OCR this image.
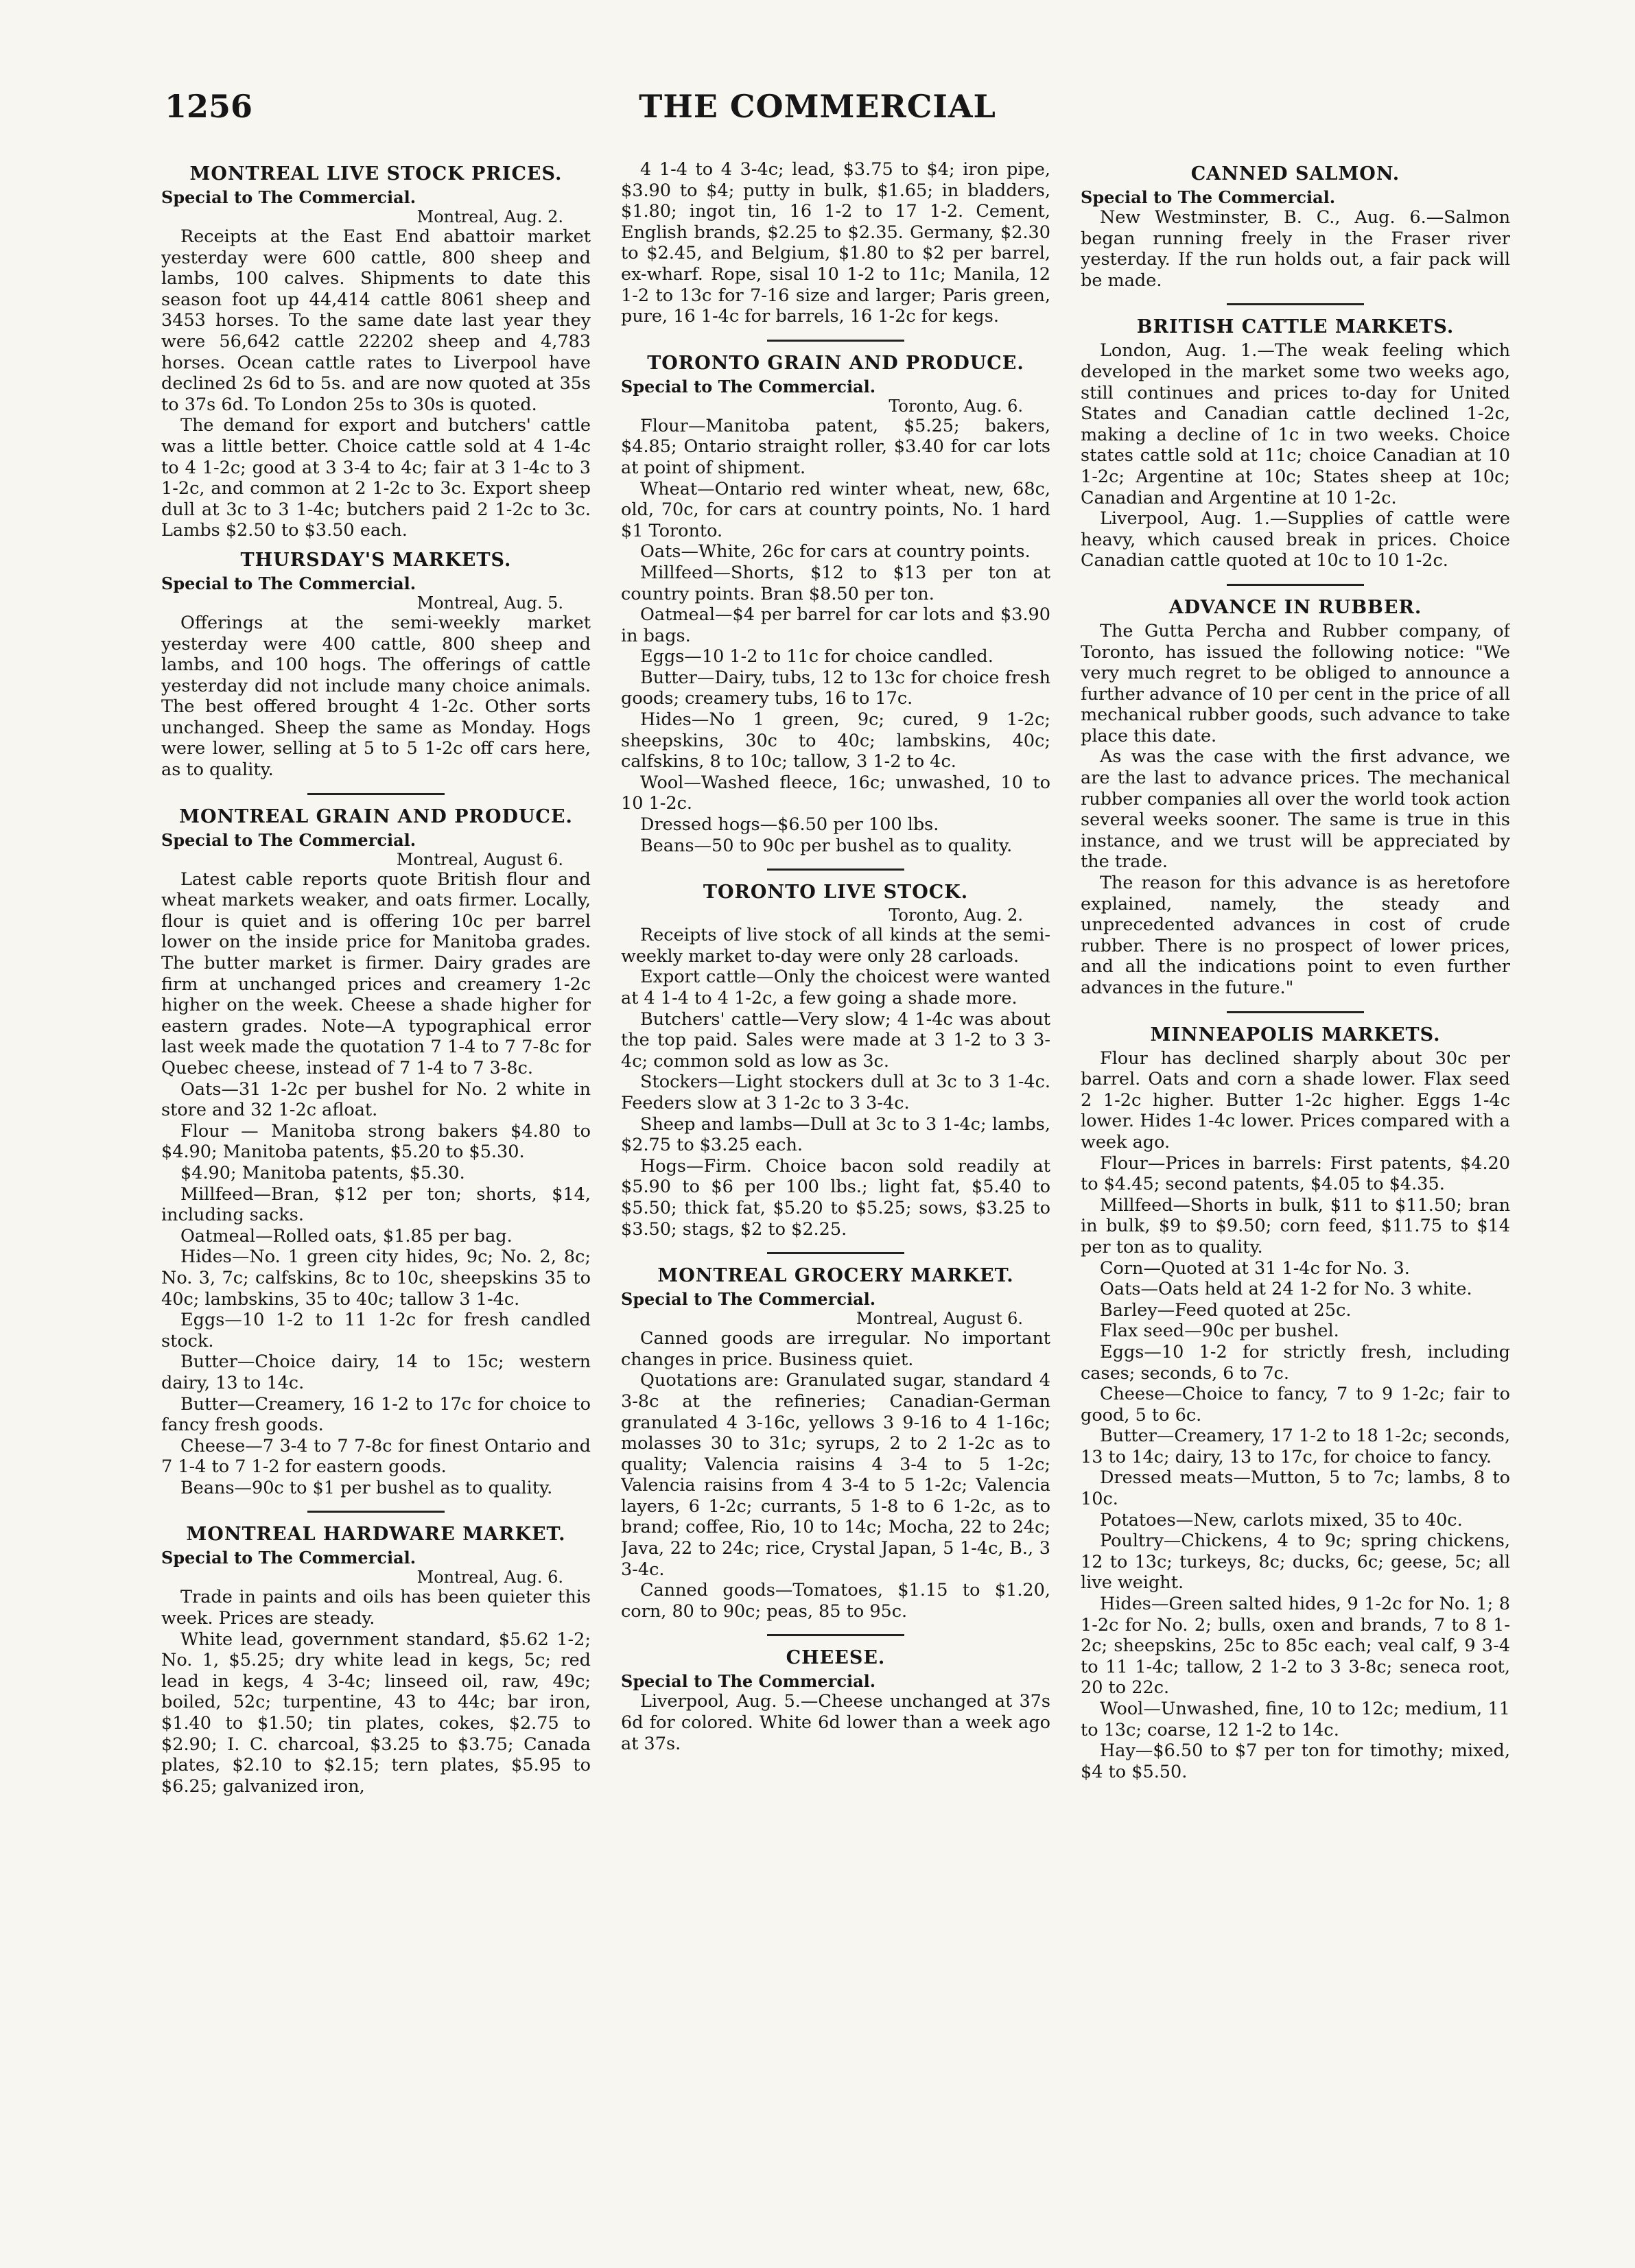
THE COMMERCIAL
1256
MONTREAL LIVE STOCK PRICES.
Special to The Commercial.
Montreal, Aug. 2.
Receipts at the East End abattoir market yesterday were 600 cattle, 800 sheep and lambs, 100 calves. Shipments to date this season foot up 44,414 cattle 8061 sheep and 3453 horses. To the same date last year they were 56,642 cattle 22202 sheep and 4,783 horses. Ocean cattle rates to Liverpool have declined 2s 6d to 5s. and are now quoted at 35s to 37s 6d. To London 25s to 30s is quoted.
The demand for export and butchers' cattle was a little better. Choice cattle sold at 4 1-4c to 4 1-2c; good at 3 3-4 to 4c; fair at 3 1-4c to 3 1-2c, and common at 2 1-2c to 3c. Export sheep dull at 3c to 3 1-4c; butchers paid 2 1-2c to 3c. Lambs $2.50 to $3.50 each.
THURSDAY'S MARKETS.
Special to The Commercial.
Montreal, Aug. 5.
Offerings at the semi-weekly market yesterday were 400 cattle, 800 sheep and lambs, and 100 hogs. The offerings of cattle yesterday did not include many choice animals. The best offered brought 4 1-2c. Other sorts unchanged. Sheep the same as Monday. Hogs were lower, selling at 5 to 5 1-2c off cars here, as to quality.
MONTREAL GRAIN AND PRODUCE.
Special to The Commercial.
Montreal, August 6.
Latest cable reports quote British flour and wheat markets weaker, and oats firmer. Locally, flour is quiet and is offering 10c per barrel lower on the inside price for Manitoba grades. The butter market is firmer. Dairy grades are firm at unchanged prices and creamery 1-2c higher on the week. Cheese a shade higher for eastern grades. Note—A typographical error last week made the quotation 7 1-4 to 7 7-8c for Quebec cheese, instead of 7 1-4 to 7 3-8c.
Oats—31 1-2c per bushel for No. 2 white in store and 32 1-2c afloat.
Flour — Manitoba strong bakers $4.80 to $4.90; Manitoba patents, $5.20 to $5.30.
$4.90; Manitoba patents, $5.30.
Millfeed—Bran, $12 per ton; shorts, $14, including sacks.
Oatmeal—Rolled oats, $1.85 per bag.
Hides—No. 1 green city hides, 9c; No. 2, 8c; No. 3, 7c; calfskins, 8c to 10c, sheepskins 35 to 40c; lambskins, 35 to 40c; tallow 3 1-4c.
Eggs—10 1-2 to 11 1-2c for fresh candled stock.
Butter—Choice dairy, 14 to 15c; western dairy, 13 to 14c.
Butter—Creamery, 16 1-2 to 17c for choice to fancy fresh goods.
Cheese—7 3-4 to 7 7-8c for finest Ontario and 7 1-4 to 7 1-2 for eastern goods.
Beans—90c to $1 per bushel as to quality.
MONTREAL HARDWARE MARKET.
Special to The Commercial.
Montreal, Aug. 6.
Trade in paints and oils has been quieter this week. Prices are steady.
White lead, government standard, $5.62 1-2; No. 1, $5.25; dry white lead in kegs, 5c; red lead in kegs, 4 3-4c; linseed oil, raw, 49c; boiled, 52c; turpentine, 43 to 44c; bar iron, $1.40 to $1.50; tin plates, cokes, $2.75 to $2.90; I. C. charcoal, $3.25 to $3.75; Canada plates, $2.10 to $2.15; tern plates, $5.95 to $6.25; galvanized iron,
4 1-4 to 4 3-4c; lead, $3.75 to $4; iron pipe, $3.90 to $4; putty in bulk, $1.65; in bladders, $1.80; ingot tin, 16 1-2 to 17 1-2. Cement, English brands, $2.25 to $2.35. Germany, $2.30 to $2.45, and Belgium, $1.80 to $2 per barrel, ex-wharf. Rope, sisal 10 1-2 to 11c; Manila, 12 1-2 to 13c for 7-16 size and larger; Paris green, pure, 16 1-4c for barrels, 16 1-2c for kegs.
TORONTO GRAIN AND PRODUCE.
Special to The Commercial.
Toronto, Aug. 6.
Flour—Manitoba patent, $5.25; bakers, $4.85; Ontario straight roller, $3.40 for car lots at point of shipment.
Wheat—Ontario red winter wheat, new, 68c, old, 70c, for cars at country points, No. 1 hard $1 Toronto.
Oats—White, 26c for cars at country points.
Millfeed—Shorts, $12 to $13 per ton at country points. Bran $8.50 per ton.
Oatmeal—$4 per barrel for car lots and $3.90 in bags.
Eggs—10 1-2 to 11c for choice candled.
Butter—Dairy, tubs, 12 to 13c for choice fresh goods; creamery tubs, 16 to 17c.
Hides—No 1 green, 9c; cured, 9 1-2c; sheepskins, 30c to 40c; lambskins, 40c; calfskins, 8 to 10c; tallow, 3 1-2 to 4c.
Wool—Washed fleece, 16c; unwashed, 10 to 10 1-2c.
Dressed hogs—$6.50 per 100 lbs.
Beans—50 to 90c per bushel as to quality.
TORONTO LIVE STOCK.
Toronto, Aug. 2.
Receipts of live stock of all kinds at the semi-weekly market to-day were only 28 carloads.
Export cattle—Only the choicest were wanted at 4 1-4 to 4 1-2c, a few going a shade more.
Butchers' cattle—Very slow; 4 1-4c was about the top paid. Sales were made at 3 1-2 to 3 3-4c; common sold as low as 3c.
Stockers—Light stockers dull at 3c to 3 1-4c. Feeders slow at 3 1-2c to 3 3-4c.
Sheep and lambs—Dull at 3c to 3 1-4c; lambs, $2.75 to $3.25 each.
Hogs—Firm. Choice bacon sold readily at $5.90 to $6 per 100 lbs.; light fat, $5.40 to $5.50; thick fat, $5.20 to $5.25; sows, $3.25 to $3.50; stags, $2 to $2.25.
MONTREAL GROCERY MARKET.
Special to The Commercial.
Montreal, August 6.
Canned goods are irregular. No important changes in price. Business quiet.
Quotations are: Granulated sugar, standard 4 3-8c at the refineries; Canadian-German granulated 4 3-16c, yellows 3 9-16 to 4 1-16c; molasses 30 to 31c; syrups, 2 to 2 1-2c as to quality; Valencia raisins 4 3-4 to 5 1-2c; Valencia raisins from 4 3-4 to 5 1-2c; Valencia layers, 6 1-2c; currants, 5 1-8 to 6 1-2c, as to brand; coffee, Rio, 10 to 14c; Mocha, 22 to 24c; Java, 22 to 24c; rice, Crystal Japan, 5 1-4c, B., 3 3-4c.
Canned goods—Tomatoes, $1.15 to $1.20, corn, 80 to 90c; peas, 85 to 95c.
CHEESE.
Special to The Commercial.
Liverpool, Aug. 5.—Cheese unchanged at 37s 6d for colored. White 6d lower than a week ago at 37s.
CANNED SALMON.
Special to The Commercial.
New Westminster, B. C., Aug. 6.—Salmon began running freely in the Fraser river yesterday. If the run holds out, a fair pack will be made.
BRITISH CATTLE MARKETS.
London, Aug. 1.—The weak feeling which developed in the market some two weeks ago, still continues and prices to-day for United States and Canadian cattle declined 1-2c, making a decline of 1c in two weeks. Choice states cattle sold at 11c; choice Canadian at 10 1-2c; Argentine at 10c; States sheep at 10c; Canadian and Argentine at 10 1-2c.
Liverpool, Aug. 1.—Supplies of cattle were heavy, which caused break in prices. Choice Canadian cattle quoted at 10c to 10 1-2c.
ADVANCE IN RUBBER.
The Gutta Percha and Rubber company, of Toronto, has issued the following notice: "We very much regret to be obliged to announce a further advance of 10 per cent in the price of all mechanical rubber goods, such advance to take place this date.
As was the case with the first advance, we are the last to advance prices. The mechanical rubber companies all over the world took action several weeks sooner. The same is true in this instance, and we trust will be appreciated by the trade.
The reason for this advance is as heretofore explained, namely, the steady and unprecedented advances in cost of crude rubber. There is no prospect of lower prices, and all the indications point to even further advances in the future."
MINNEAPOLIS MARKETS.
Flour has declined sharply about 30c per barrel. Oats and corn a shade lower. Flax seed 2 1-2c higher. Butter 1-2c higher. Eggs 1-4c lower. Hides 1-4c lower. Prices compared with a week ago.
Flour—Prices in barrels: First patents, $4.20 to $4.45; second patents, $4.05 to $4.35.
Millfeed—Shorts in bulk, $11 to $11.50; bran in bulk, $9 to $9.50; corn feed, $11.75 to $14 per ton as to quality.
Corn—Quoted at 31 1-4c for No. 3.
Oats—Oats held at 24 1-2 for No. 3 white.
Barley—Feed quoted at 25c.
Flax seed—90c per bushel.
Eggs—10 1-2 for strictly fresh, including cases; seconds, 6 to 7c.
Cheese—Choice to fancy, 7 to 9 1-2c; fair to good, 5 to 6c.
Butter—Creamery, 17 1-2 to 18 1-2c; seconds, 13 to 14c; dairy, 13 to 17c, for choice to fancy.
Dressed meats—Mutton, 5 to 7c; lambs, 8 to 10c.
Potatoes—New, carlots mixed, 35 to 40c.
Poultry—Chickens, 4 to 9c; spring chickens, 12 to 13c; turkeys, 8c; ducks, 6c; geese, 5c; all live weight.
Hides—Green salted hides, 9 1-2c for No. 1; 8 1-2c for No. 2; bulls, oxen and brands, 7 to 8 1-2c; sheepskins, 25c to 85c each; veal calf, 9 3-4 to 11 1-4c; tallow, 2 1-2 to 3 3-8c; seneca root, 20 to 22c.
Wool—Unwashed, fine, 10 to 12c; medium, 11 to 13c; coarse, 12 1-2 to 14c.
Hay—$6.50 to $7 per ton for timothy; mixed, $4 to $5.50.
